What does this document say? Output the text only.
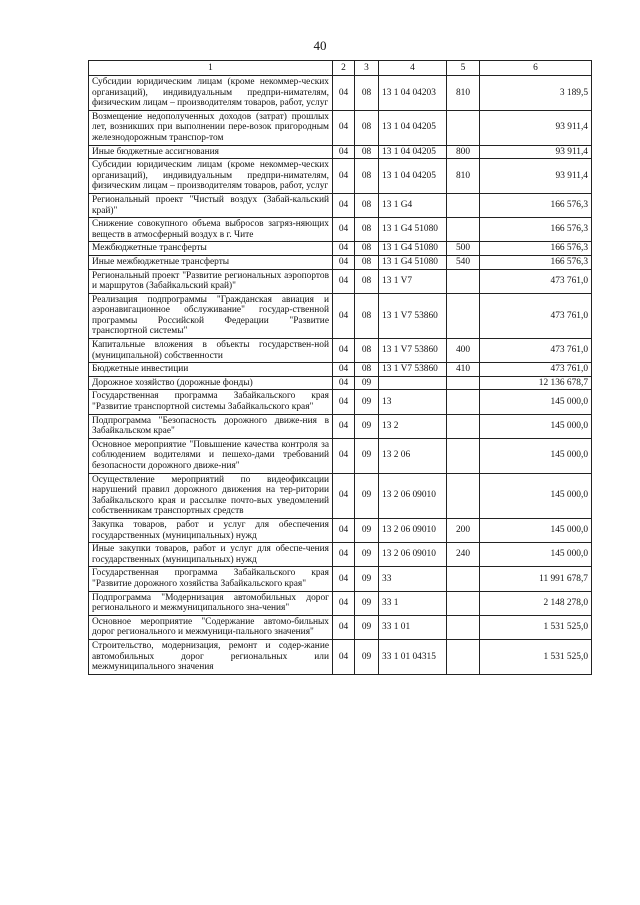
40
1	2	3	4	5	6
Субсидии юридическим лицам (кроме некоммер-ческих организаций), индивидуальным предпри-нимателям, физическим лицам – производителям товаров, работ, услуг	04	08	13 1 04 04203	810	3 189,5
Возмещение недополученных доходов (затрат) прошлых лет, возникших при выполнении пере-возок пригородным железнодорожным транспор-том	04	08	13 1 04 04205		93 911,4
Иные бюджетные ассигнования	04	08	13 1 04 04205	800	93 911,4
Субсидии юридическим лицам (кроме некоммер-ческих организаций), индивидуальным предпри-нимателям, физическим лицам – производителям товаров, работ, услуг	04	08	13 1 04 04205	810	93 911,4
Региональный проект "Чистый воздух (Забай-кальский край)"	04	08	13 1 G4		166 576,3
Снижение совокупного объема выбросов загряз-няющих веществ в атмосферный воздух в г. Чите	04	08	13 1 G4 51080		166 576,3
Межбюджетные трансферты	04	08	13 1 G4 51080	500	166 576,3
Иные межбюджетные трансферты	04	08	13 1 G4 51080	540	166 576,3
Региональный проект "Развитие региональных аэропортов и маршрутов (Забайкальский край)"	04	08	13 1 V7		473 761,0
Реализация подпрограммы "Гражданская авиация и аэронавигационное обслуживание" государ-ственной программы Российской Федерации "Развитие транспортной системы"	04	08	13 1 V7 53860		473 761,0
Капитальные вложения в объекты государствен-ной (муниципальной) собственности	04	08	13 1 V7 53860	400	473 761,0
Бюджетные инвестиции	04	08	13 1 V7 53860	410	473 761,0
Дорожное хозяйство (дорожные фонды)	04	09			12 136 678,7
Государственная программа Забайкальского края "Развитие транспортной системы Забайкальского края"	04	09	13		145 000,0
Подпрограмма "Безопасность дорожного движе-ния в Забайкальском крае"	04	09	13 2		145 000,0
Основное мероприятие "Повышение качества контроля за соблюдением водителями и пешехо-дами требований безопасности дорожного движе-ния"	04	09	13 2 06		145 000,0
Осуществление мероприятий по видеофиксации нарушений правил дорожного движения на тер-ритории Забайкальского края и рассылке почто-вых уведомлений собственникам транспортных средств	04	09	13 2 06 09010		145 000,0
Закупка товаров, работ и услуг для обеспечения государственных (муниципальных) нужд	04	09	13 2 06 09010	200	145 000,0
Иные закупки товаров, работ и услуг для обеспе-чения государственных (муниципальных) нужд	04	09	13 2 06 09010	240	145 000,0
Государственная программа Забайкальского края "Развитие дорожного хозяйства Забайкальского края"	04	09	33		11 991 678,7
Подпрограмма "Модернизация автомобильных дорог регионального и межмуниципального зна-чения"	04	09	33 1		2 148 278,0
Основное мероприятие "Содержание автомо-бильных дорог регионального и межмуници-пального значения"	04	09	33 1 01		1 531 525,0
Строительство, модернизация, ремонт и содер-жание автомобильных дорог региональных или межмуниципального значения	04	09	33 1 01 04315		1 531 525,0
